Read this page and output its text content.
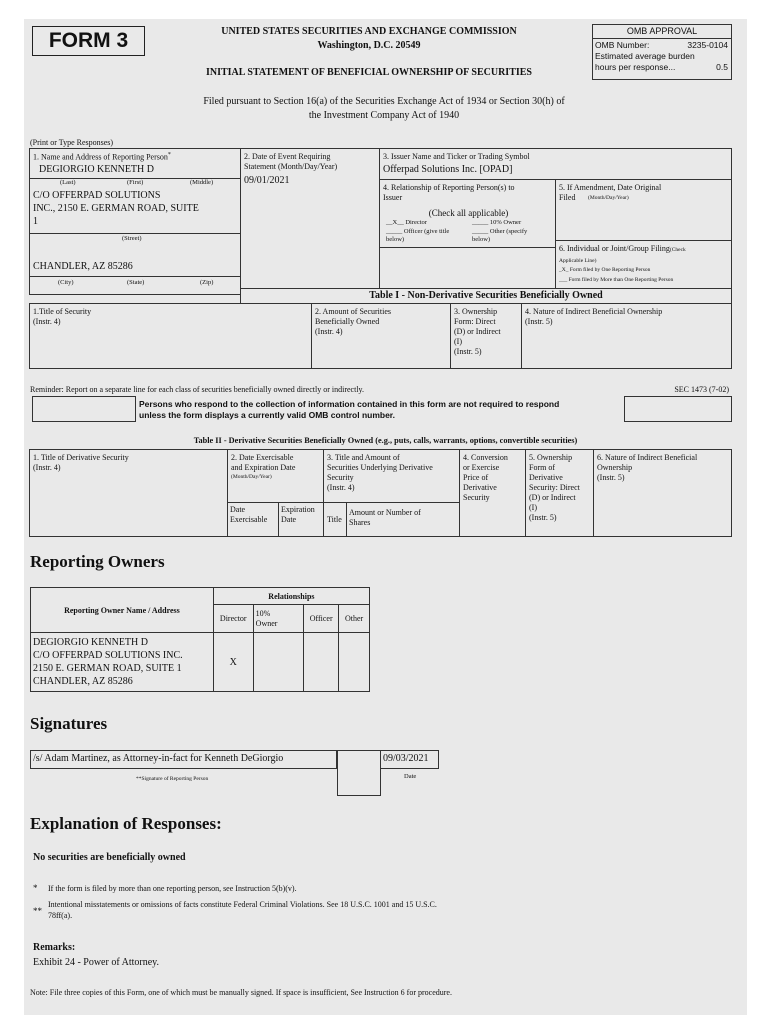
FORM 3	UNITED STATES SECURITIES AND EXCHANGE COMMISSION
Washington, D.C. 20549
INITIAL STATEMENT OF BENEFICIAL OWNERSHIP OF SECURITIES
OMB APPROVAL
OMB Number:	3235-0104
Estimated average burden
hours per response...	0.5
Filed pursuant to Section 16(a) of the Securities Exchange Act of 1934 or Section 30(h) of
the Investment Company Act of 1940
(Print or Type Responses)
1. Name and Address of Reporting Person*
DEGIORGIO KENNETH D
(Last)	(First)	(Middle)
C/O OFFERPAD SOLUTIONS
INC., 2150 E. GERMAN ROAD, SUITE
1
(Street)
CHANDLER, AZ 85286
(City)	(State)	(Zip)
2. Date of Event Requiring
Statement (Month/Day/Year)
09/01/2021
3. Issuer Name and Ticker or Trading Symbol
Offerpad Solutions Inc. [OPAD]
4. Relationship of Reporting Person(s) to
Issuer
(Check all applicable)
__X__ Director
_____ Officer (give title
below)
_____ 10% Owner
_____ Other (specify
below)
5. If Amendment, Date Original
Filed	(Month/Day/Year)
6. Individual or Joint/Group Filing(Check
Applicable Line)
_X_ Form filed by One Reporting Person
___ Form filed by More than One Reporting Person
Table I - Non-Derivative Securities Beneficially Owned
1.Title of Security
(Instr. 4)
2. Amount of Securities
Beneficially Owned
(Instr. 4)
3. Ownership
Form: Direct
(D) or Indirect
(I)
(Instr. 5)
4. Nature of Indirect Beneficial Ownership
(Instr. 5)
Reminder: Report on a separate line for each class of securities beneficially owned directly or indirectly.	SEC 1473 (7-02)
Persons who respond to the collection of information contained in this form are not required to respond
unless the form displays a currently valid OMB control number.
Table II - Derivative Securities Beneficially Owned (e.g., puts, calls, warrants, options, convertible securities)
1. Title of Derivative Security
(Instr. 4)
2. Date Exercisable
and Expiration Date
(Month/Day/Year)
Date
Exercisable
Expiration
Date
3. Title and Amount of
Securities Underlying Derivative
Security
(Instr. 4)
Title
Amount or Number of
Shares
4. Conversion
or Exercise
Price of
Derivative
Security
5. Ownership
Form of
Derivative
Security: Direct
(D) or Indirect
(I)
(Instr. 5)
6. Nature of Indirect Beneficial
Ownership
(Instr. 5)
Reporting Owners
Reporting Owner Name / Address	Relationships			
	Director	10%
Owner	Officer	Other
DEGIORGIO KENNETH D
C/O OFFERPAD SOLUTIONS INC.
2150 E. GERMAN ROAD, SUITE 1
CHANDLER, AZ 85286	X			
Signatures
/s/ Adam Martinez, as Attorney-in-fact for Kenneth DeGiorgio	09/03/2021
**Signature of Reporting Person	Date
Explanation of Responses:
No securities are beneficially owned
* If the form is filed by more than one reporting person, see Instruction 5(b)(v).
**
Intentional misstatements or omissions of facts constitute Federal Criminal Violations. See 18 U.S.C. 1001 and 15 U.S.C.
78ff(a).
Remarks:
Exhibit 24 - Power of Attorney.
Note: File three copies of this Form, one of which must be manually signed. If space is insufficient, See Instruction 6 for procedure.
